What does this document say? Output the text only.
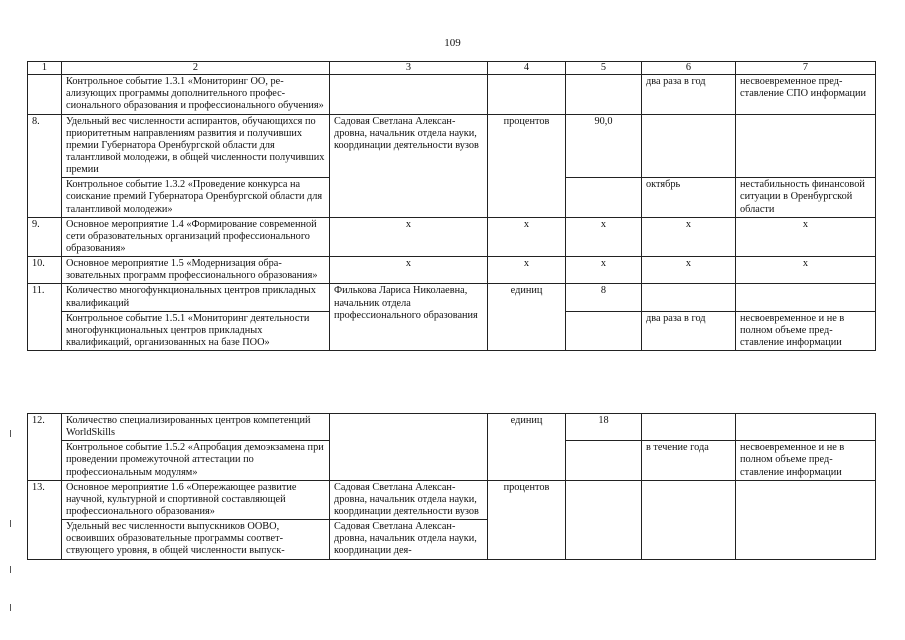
109
1	2	3	4	5	6	7
	Контрольное событие 1.3.1 «Мониторинг ОО, реализующих программы дополнительного профессионального образования и профессионального обучения»				два раза в год	несвоевременное представление СПО информации
8.	Удельный вес численности аспирантов, обучающихся по приоритетным направлениям развития и получивших премии Губернатора Оренбургской области для талантливой молодежи, в общей численности получивших премии	Садовая Светлана Александровна, начальник отдела науки, координации деятельности вузов	процентов	90,0		
	Контрольное событие 1.3.2 «Проведение конкурса на соискание премий Губернатора Оренбургской области для талантливой молодежи»				октябрь	нестабильность финансовой ситуации в Оренбургской области
9.	Основное мероприятие 1.4 «Формирование современной сети образовательных организаций профессионального образования»	x	x	x	x	x
10.	Основное мероприятие 1.5 «Модернизация образовательных программ профессионального образования»	x	x	x	x	x
11.	Количество многофункциональных центров прикладных квалификаций	Филькова Лариса Николаевна, начальник отдела профессионального образования	единиц	8		
	Контрольное событие 1.5.1 «Мониторинг деятельности многофункциональных центров прикладных квалификаций, организованных на базе ПОО»				два раза в год	несвоевременное и не в полном объеме представление информации
12.	Количество специализированных центров компетенций WorldSkills		единиц	18		
	Контрольное событие 1.5.2 «Апробация демоэкзамена при проведении промежуточной аттестации по профессиональным модулям»				в течение года	несвоевременное и не в полном объеме представление информации
13.	Основное мероприятие 1.6 «Опережающее развитие научной, культурной и спортивной составляющей профессионального образования»	Садовая Светлана Александровна, начальник отдела науки, координации деятельности вузов	процентов			
	Удельный вес численности выпускников ООВО, освоивших образовательные программы соответствующего уровня, в общей численности выпуск-	Садовая Светлана Александровна, начальник отдела науки, координации дея-				
